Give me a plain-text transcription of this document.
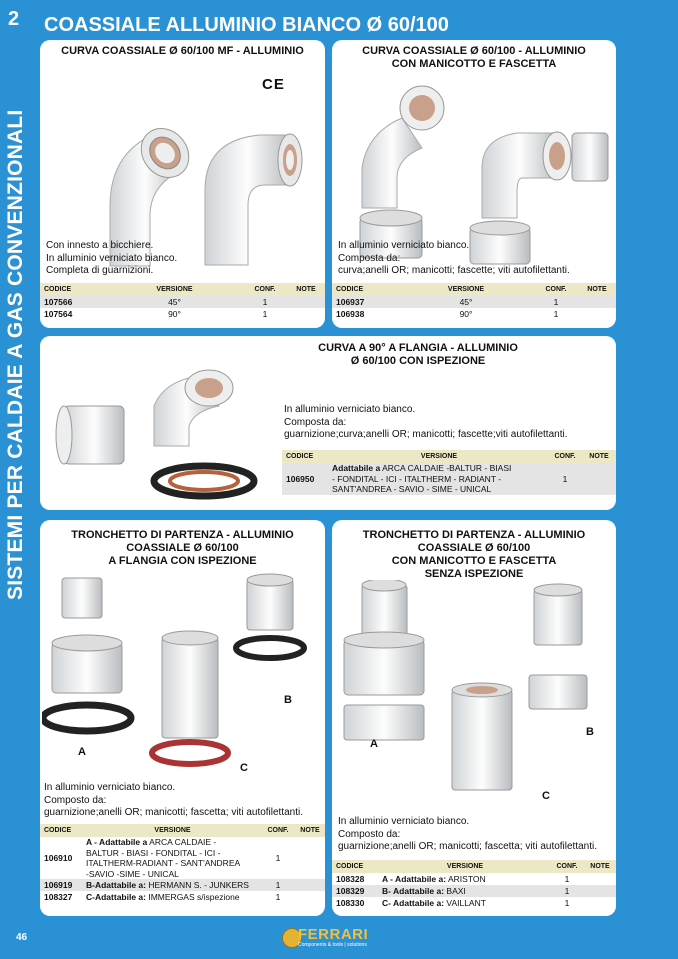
2
SISTEMI PER CALDAIE A GAS CONVENZIONALI
COASSIALE ALLUMINIO BIANCO Ø 60/100
CURVA COASSIALE Ø 60/100 MF - ALLUMINIO
CE
Con innesto a bicchiere.
In alluminio verniciato bianco.
Completa di guarnizioni.
CODICE	VERSIONE	CONF.	NOTE
107566	45°	1	
107564	90°	1	
CURVA COASSIALE Ø 60/100 - ALLUMINIO
CON MANICOTTO E FASCETTA
In alluminio verniciato bianco.
Composta da:
curva;anelli OR; manicotti; fascette; viti autofilettanti.
CODICE	VERSIONE	CONF.	NOTE
106937	45°	1	
106938	90°	1	
CURVA A 90° A FLANGIA - ALLUMINIO
Ø 60/100 CON ISPEZIONE
In alluminio verniciato bianco.
Composta da:
guarnizione;curva;anelli OR; manicotti; fascette;viti autofilettanti.
CODICE	VERSIONE	CONF.	NOTE
106950	Adattabile a ARCA CALDAIE -BALTUR - BIASI
- FONDITAL - ICI - ITALTHERM - RADIANT -
SANT'ANDREA - SAVIO - SIME - UNICAL	1	
TRONCHETTO DI PARTENZA - ALLUMINIO
COASSIALE Ø 60/100
A FLANGIA CON ISPEZIONE
A
B
C
In alluminio verniciato bianco.
Composto da:
guarnizione;anelli OR; manicotti; fascetta; viti autofilettanti.
CODICE	VERSIONE	CONF.	NOTE
106910	A - Adattabile a ARCA CALDAIE -
BALTUR - BIASI - FONDITAL - ICI -
ITALTHERM-RADIANT - SANT'ANDREA
-SAVIO -SIME - UNICAL	1	
106919	B-Adattabile a: HERMANN S. - JUNKERS	1	
108327	C-Adattabile a: IMMERGAS s/ispezione	1	
TRONCHETTO DI PARTENZA - ALLUMINIO
COASSIALE Ø 60/100
CON MANICOTTO E FASCETTA
SENZA ISPEZIONE
A
B
C
In alluminio verniciato bianco.
Composto da:
guarnizione;anelli OR; manicotti; fascetta; viti autofilettanti.
CODICE	VERSIONE	CONF.	NOTE
108328	A - Adattabile a: ARISTON	1	
108329	B- Adattabile a: BAXI	1	
108330	C- Adattabile a: VAILLANT	1	
46	FERRARI
Components & tools | solutions
